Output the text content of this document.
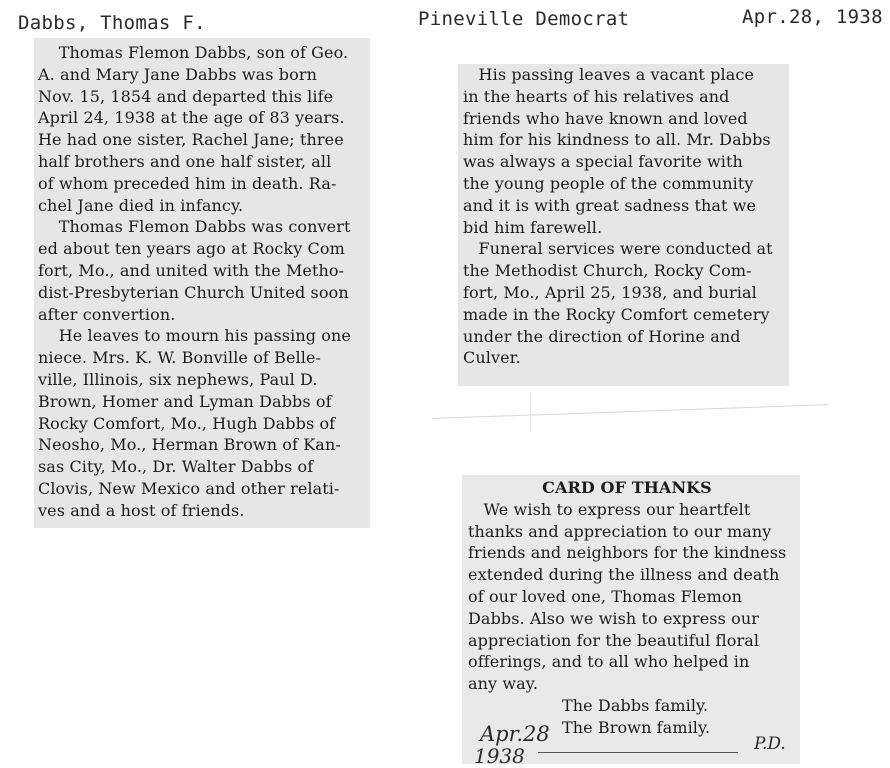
Dabbs, Thomas F.	Pineville Democrat	Apr.28, 1938

Thomas Flemon Dabbs, son of Geo.

A. and Mary Jane Dabbs was born

Nov. 15, 1854 and departed this life

April 24, 1938 at the age of 83 years.

He had one sister, Rachel Jane; three

half brothers and one half sister, all

of whom preceded him in death. Ra-

chel Jane died in infancy.

Thomas Flemon Dabbs was convert

ed about ten years ago at Rocky Com

fort, Mo., and united with the Metho-

dist-Presbyterian Church United soon

after convertion.

He leaves to mourn his passing one

niece. Mrs. K. W. Bonville of Belle-

ville, Illinois, six nephews, Paul D.

Brown, Homer and Lyman Dabbs of

Rocky Comfort, Mo., Hugh Dabbs of

Neosho, Mo., Herman Brown of Kan-

sas City, Mo., Dr. Walter Dabbs of

Clovis, New Mexico and other relati-

ves and a host of friends.

His passing leaves a vacant place

in the hearts of his relatives and

friends who have known and loved

him for his kindness to all. Mr. Dabbs

was always a special favorite with

the young people of the community

and it is with great sadness that we

bid him farewell.

Funeral services were conducted at

the Methodist Church, Rocky Com-

fort, Mo., April 25, 1938, and burial

made in the Rocky Comfort cemetery

under the direction of Horine and

Culver.

CARD OF THANKS

We wish to express our heartfelt

thanks and appreciation to our many

friends and neighbors for the kindness

extended during the illness and death

of our loved one, Thomas Flemon

Dabbs. Also we wish to express our

appreciation for the beautiful floral

offerings, and to all who helped in

any way.

The Dabbs family.

The Brown family.

Apr.28
1938	P.D.
